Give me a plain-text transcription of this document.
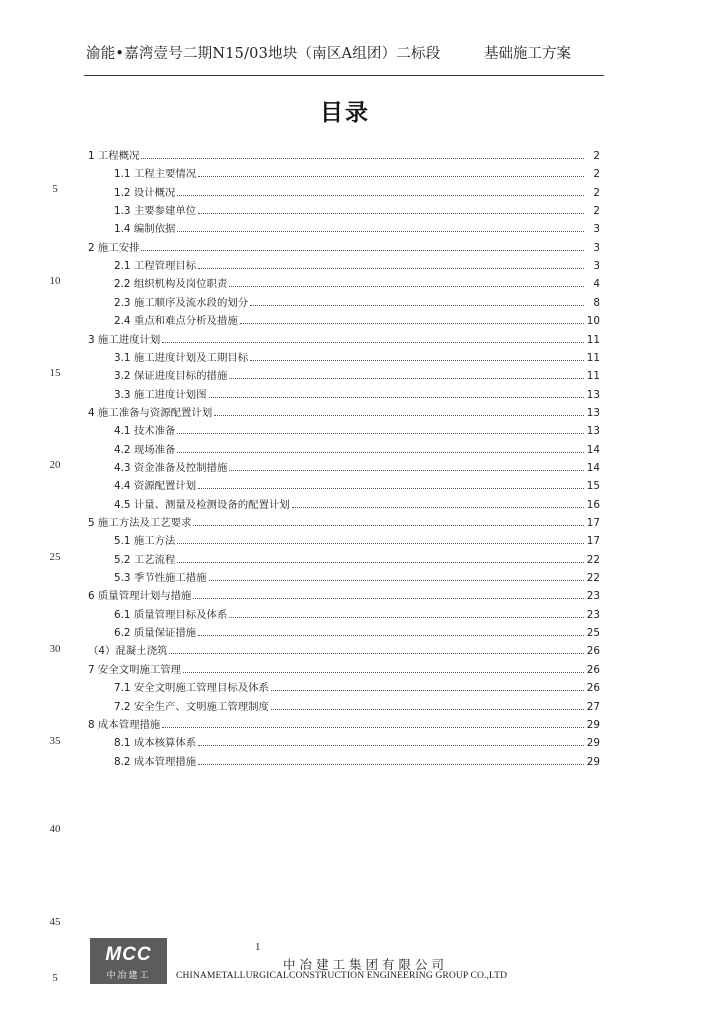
渝能•嘉湾壹号二期N15/03地块（南区A组团）二标段	基础施工方案
目录
1 工程概况	2
1.1 工程主要情况	2
1.2 设计概况	2
1.3 主要参建单位	2
1.4 编制依据	3
2 施工安排	3
2.1 工程管理目标	3
2.2 组织机构及岗位职责	4
2.3 施工顺序及流水段的划分	8
2.4 重点和难点分析及措施	10
3 施工进度计划	11
3.1 施工进度计划及工期目标	11
3.2 保证进度目标的措施	11
3.3 施工进度计划图	13
4 施工准备与资源配置计划	13
4.1 技术准备	13
4.2 现场准备	14
4.3 资金准备及控制措施	14
4.4 资源配置计划	15
4.5 计量、测量及检测设备的配置计划	16
5 施工方法及工艺要求	17
5.1 施工方法	17
5.2 工艺流程	22
5.3 季节性施工措施	22
6 质量管理计划与措施	23
6.1 质量管理目标及体系	23
6.2 质量保证措施	25
（4）混凝土浇筑	26
7 安全文明施工管理	26
7.1 安全文明施工管理目标及体系	26
7.2 安全生产、文明施工管理制度	27
8 成本管理措施	29
8.1 成本核算体系	29
8.2 成本管理措施	29
5
10
15
20
25
30
35
40
45
5
MCC
中冶建工
1
中冶建工集团有限公司
CHINAMETALLURGICALCONSTRUCTION ENGINEERING GROUP CO.,LTD
